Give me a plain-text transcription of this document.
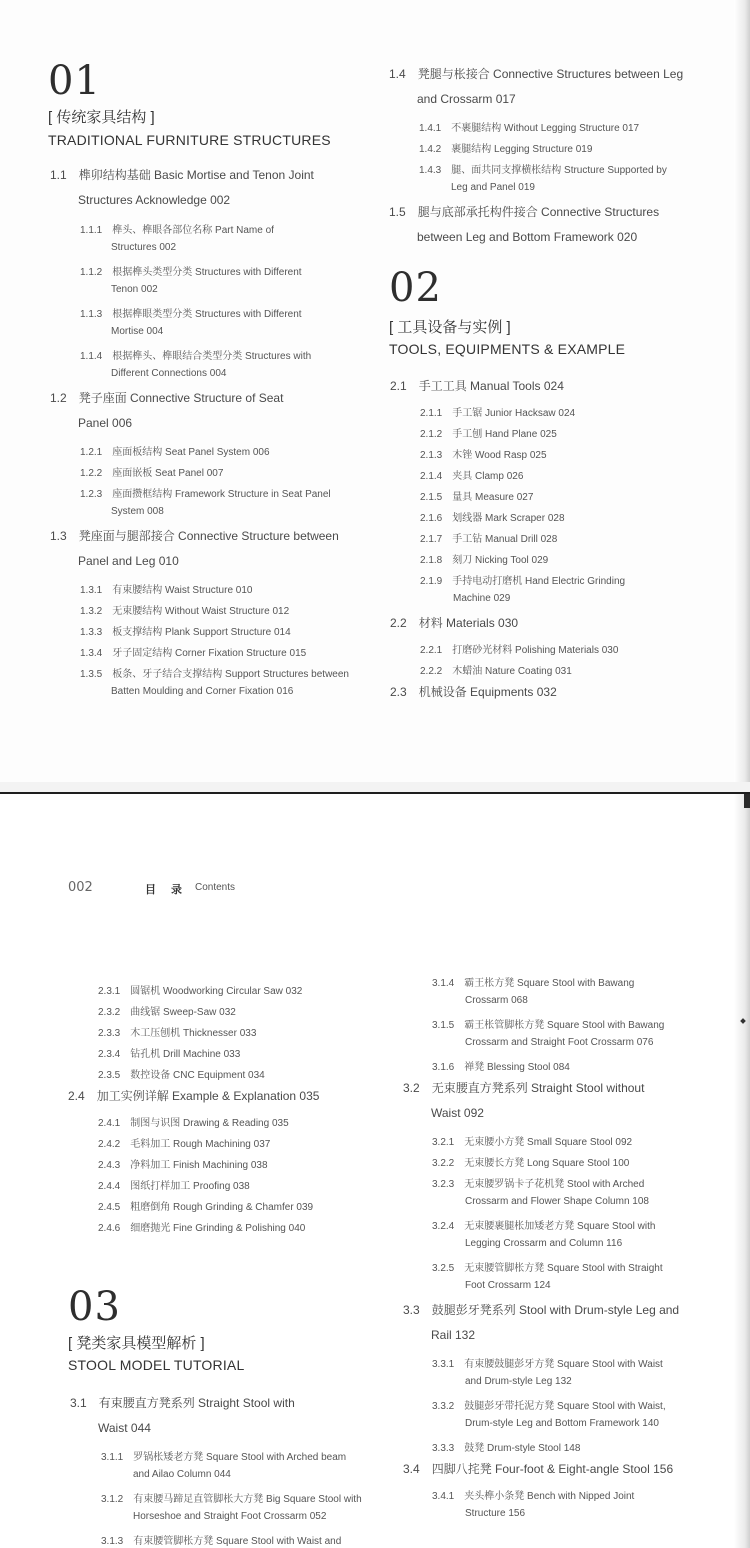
01
[ 传统家具结构 ]
TRADITIONAL FURNITURE STRUCTURES
1.1 榫卯结构基础 Basic Mortise and Tenon Joint
Structures Acknowledge 002
1.1.1 榫头、榫眼各部位名称 Part Name of
Structures 002
1.1.2 根据榫头类型分类 Structures with Different
Tenon 002
1.1.3 根据榫眼类型分类 Structures with Different
Mortise 004
1.1.4 根据榫头、榫眼结合类型分类 Structures with
Different Connections 004
1.2 凳子座面 Connective Structure of Seat
Panel 006
1.2.1 座面板结构 Seat Panel System 006
1.2.2 座面嵌板 Seat Panel 007
1.2.3 座面攒框结构 Framework Structure in Seat Panel
System 008
1.3 凳座面与腿部接合 Connective Structure between
Panel and Leg 010
1.3.1 有束腰结构 Waist Structure 010
1.3.2 无束腰结构 Without Waist Structure 012
1.3.3 板支撑结构 Plank Support Structure 014
1.3.4 牙子固定结构 Corner Fixation Structure 015
1.3.5 板条、牙子结合支撑结构 Support Structures between
Batten Moulding and Corner Fixation 016
1.4 凳腿与枨接合 Connective Structures between Leg
and Crossarm 017
1.4.1 不裹腿结构 Without Legging Structure 017
1.4.2 裹腿结构 Legging Structure 019
1.4.3 腿、面共同支撑横枨结构 Structure Supported by
Leg and Panel 019
1.5 腿与底部承托构件接合 Connective Structures
between Leg and Bottom Framework 020
02
[ 工具设备与实例 ]
TOOLS, EQUIPMENTS & EXAMPLE
2.1 手工工具 Manual Tools 024
2.1.1 手工锯 Junior Hacksaw 024
2.1.2 手工刨 Hand Plane 025
2.1.3 木锉 Wood Rasp 025
2.1.4 夹具 Clamp 026
2.1.5 量具 Measure 027
2.1.6 划线器 Mark Scraper 028
2.1.7 手工钻 Manual Drill 028
2.1.8 刻刀 Nicking Tool 029
2.1.9 手持电动打磨机 Hand Electric Grinding
Machine 029
2.2 材料 Materials 030
2.2.1 打磨砂光材料 Polishing Materials 030
2.2.2 木蜡油 Nature Coating 031
2.3 机械设备 Equipments 032
002	目 录 Contents
2.3.1 圆锯机 Woodworking Circular Saw 032
2.3.2 曲线锯 Sweep-Saw 032
2.3.3 木工压刨机 Thicknesser 033
2.3.4 钻孔机 Drill Machine 033
2.3.5 数控设备 CNC Equipment 034
2.4 加工实例详解 Example & Explanation 035
2.4.1 制图与识图 Drawing & Reading 035
2.4.2 毛料加工 Rough Machining 037
2.4.3 净料加工 Finish Machining 038
2.4.4 图纸打样加工 Proofing 038
2.4.5 粗磨倒角 Rough Grinding & Chamfer 039
2.4.6 细磨抛光 Fine Grinding & Polishing 040
03
[ 凳类家具模型解析 ]
STOOL MODEL TUTORIAL
3.1 有束腰直方凳系列 Straight Stool with
Waist 044
3.1.1 罗锅枨矮老方凳 Square Stool with Arched beam
and Ailao Column 044
3.1.2 有束腰马蹄足直管脚枨大方凳 Big Square Stool with
Horseshoe and Straight Foot Crossarm 052
3.1.3 有束腰管脚枨方凳 Square Stool with Waist and
3.1.4 霸王枨方凳 Square Stool with Bawang
Crossarm 068
3.1.5 霸王枨管脚枨方凳 Square Stool with Bawang
Crossarm and Straight Foot Crossarm 076
3.1.6 禅凳 Blessing Stool 084
3.2 无束腰直方凳系列 Straight Stool without
Waist 092
3.2.1 无束腰小方凳 Small Square Stool 092
3.2.2 无束腰长方凳 Long Square Stool 100
3.2.3 无束腰罗锅卡子花机凳 Stool with Arched
Crossarm and Flower Shape Column 108
3.2.4 无束腰裹腿枨加矮老方凳 Square Stool with
Legging Crossarm and Column 116
3.2.5 无束腰管脚枨方凳 Square Stool with Straight
Foot Crossarm 124
3.3 鼓腿彭牙凳系列 Stool with Drum-style Leg and
Rail 132
3.3.1 有束腰鼓腿彭牙方凳 Square Stool with Waist
and Drum-style Leg 132
3.3.2 鼓腿彭牙带托泥方凳 Square Stool with Waist,
Drum-style Leg and Bottom Framework 140
3.3.3 鼓凳 Drum-style Stool 148
3.4 四脚八挓凳 Four-foot & Eight-angle Stool 156
3.4.1 夹头榫小条凳 Bench with Nipped Joint
Structure 156
